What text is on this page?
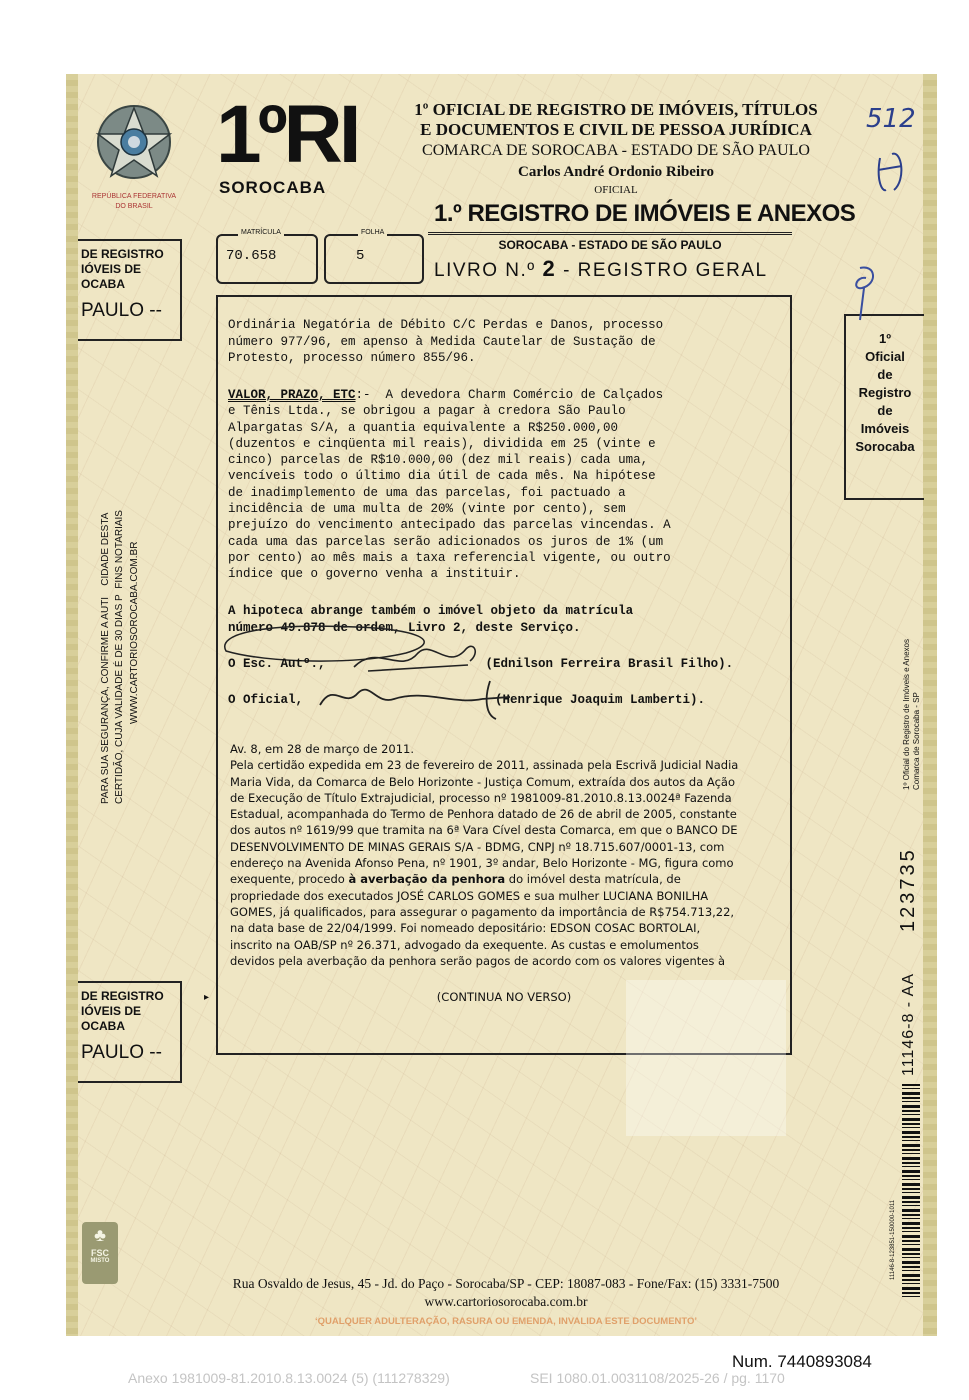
REPÚBLICA FEDERATIVA
DO BRASIL
1ºRI
SOROCABA
1º OFICIAL DE REGISTRO DE IMÓVEIS, TÍTULOS
E DOCUMENTOS E CIVIL DE PESSOA JURÍDICA
COMARCA DE SOROCABA - ESTADO DE SÃO PAULO
Carlos André Ordonio Ribeiro
OFICIAL
512
1.º REGISTRO DE IMÓVEIS E ANEXOS
SOROCABA - ESTADO DE SÃO PAULO
LIVRO N.º 2 - REGISTRO GERAL
MATRÍCULA
70.658
FOLHA
5
DE REGISTRO
IÓVEIS DE
OCABA
PAULO --
DE REGISTRO
IÓVEIS DE
OCABA
PAULO --
PARA SUA SEGURANÇA, CONFIRME A AUTI    CIDADE DESTA
CERTIDÃO, CUJA VALIDADE É DE 30 DIAS P  FINS NOTARIAIS WWW.CARTORIOSOROCABA.COM.BR
1º
Oficial
de
Registro
de
Imóveis
Sorocaba
1º Oficial do Registro de Imóveis e Anexos Comarca de Sorocaba - SP
123735
11146-8 - AA
11146-8-123851-150000-1011
Ordinária Negatória de Débito C/C Perdas e Danos, processo
número 977/96, em apenso à Medida Cautelar de Sustação de
Protesto, processo número 855/96.
VALOR, PRAZO, ETC:-  A devedora Charm Comércio de Calçados
e Tênis Ltda., se obrigou a pagar à credora São Paulo
Alpargatas S/A, a quantia equivalente a R$250.000,00
(duzentos e cinqüenta mil reais), dividida em 25 (vinte e
cinco) parcelas de R$10.000,00 (dez mil reais) cada uma,
vencíveis todo o último dia útil de cada mês. Na hipótese
de inadimplemento de uma das parcelas, foi pactuado a
incidência de uma multa de 20% (vinte por cento), sem
prejuízo do vencimento antecipado das parcelas vincendas. A
cada uma das parcelas serão adicionados os juros de 1% (um
por cento) ao mês mais a taxa referencial vigente, ou outro
índice que o governo venha a instituir.
A hipoteca abrange também o imóvel objeto da matrícula
número 49.878 de ordem, Livro 2, deste Serviço.
O Esc. Autº.,	(Ednilson Ferreira Brasil Filho).
O Oficial,	(Henrique Joaquim Lamberti).
Av. 8, em 28 de março de 2011.
Pela certidão expedida em 23 de fevereiro de 2011, assinada pela Escrivã Judicial Nadia
Maria Vida, da Comarca de Belo Horizonte - Justiça Comum, extraída dos autos da Ação
de Execução de Título Extrajudicial, processo nº 1981009-81.2010.8.13.0024ª Fazenda
Estadual, acompanhada do Termo de Penhora datado de 26 de abril de 2005, constante
dos autos nº 1619/99 que tramita na 6ª Vara Cível desta Comarca, em que o BANCO DE
DESENVOLVIMENTO DE MINAS GERAIS S/A - BDMG, CNPJ nº 18.715.607/0001-13, com
endereço na Avenida Afonso Pena, nº 1901, 3º andar, Belo Horizonte - MG, figura como
exequente, procedo à averbação da penhora do imóvel desta matrícula, de
propriedade dos executados JOSÉ CARLOS GOMES e sua mulher LUCIANA BONILHA
GOMES, já qualificados, para assegurar o pagamento da importância de R$754.713,22,
na data base de 22/04/1999. Foi nomeado depositário: EDSON COSAC BORTOLAI,
inscrito na OAB/SP nº 26.371, advogado da exequente. As custas e emolumentos
devidos pela averbação da penhora serão pagos de acordo com os valores vigentes à
(CONTINUA NO VERSO)
▸
♣
FSC
MISTO
Rua Osvaldo de Jesus, 45 - Jd. do Paço - Sorocaba/SP - CEP: 18087-083 - Fone/Fax: (15) 3331-7500
www.cartoriosorocaba.com.br
‘QUALQUER ADULTERAÇÃO, RASURA OU EMENDA, INVALIDA ESTE DOCUMENTO’
Num. 7440893084
Anexo 1981009-81.2010.8.13.0024 (5) (111278329)	SEI 1080.01.0031108/2025-26 / pg. 1170
